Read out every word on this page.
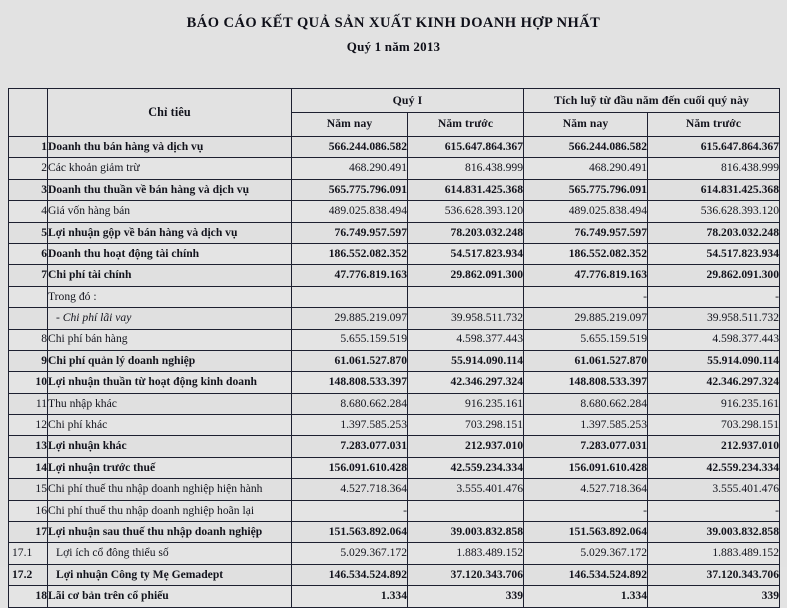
BÁO CÁO KẾT QUẢ SẢN XUẤT KINH DOANH HỢP NHẤT
Quý 1 năm 2013
	Chỉ tiêu	Quý I		Tích luỹ từ đầu năm đến cuối quý này	
		Năm nay	Năm trước	Năm nay	Năm trước
1	Doanh thu bán hàng và dịch vụ	566.244.086.582	615.647.864.367	566.244.086.582	615.647.864.367
2	Các khoản giảm trừ	468.290.491	816.438.999	468.290.491	816.438.999
3	Doanh thu thuần về bán hàng và dịch vụ	565.775.796.091	614.831.425.368	565.775.796.091	614.831.425.368
4	Giá vốn hàng bán	489.025.838.494	536.628.393.120	489.025.838.494	536.628.393.120
5	Lợi nhuận gộp về bán hàng và dịch vụ	76.749.957.597	78.203.032.248	76.749.957.597	78.203.032.248
6	Doanh thu hoạt động tài chính	186.552.082.352	54.517.823.934	186.552.082.352	54.517.823.934
7	Chi phí tài chính	47.776.819.163	29.862.091.300	47.776.819.163	29.862.091.300
	Trong đó :			-	-
	- Chi phí lãi vay	29.885.219.097	39.958.511.732	29.885.219.097	39.958.511.732
8	Chi phí bán hàng	5.655.159.519	4.598.377.443	5.655.159.519	4.598.377.443
9	Chi phí quản lý doanh nghiệp	61.061.527.870	55.914.090.114	61.061.527.870	55.914.090.114
10	Lợi nhuận thuần từ hoạt động kinh doanh	148.808.533.397	42.346.297.324	148.808.533.397	42.346.297.324
11	Thu nhập khác	8.680.662.284	916.235.161	8.680.662.284	916.235.161
12	Chi phí khác	1.397.585.253	703.298.151	1.397.585.253	703.298.151
13	Lợi nhuận khác	7.283.077.031	212.937.010	7.283.077.031	212.937.010
14	Lợi nhuận trước thuế	156.091.610.428	42.559.234.334	156.091.610.428	42.559.234.334
15	Chi phí thuế thu nhập doanh nghiệp hiện hành	4.527.718.364	3.555.401.476	4.527.718.364	3.555.401.476
16	Chi phí thuế thu nhập doanh nghiệp hoãn lại	-		-	-
17	Lợi nhuận sau thuế thu nhập doanh nghiệp	151.563.892.064	39.003.832.858	151.563.892.064	39.003.832.858
17.1	Lợi ích cổ đông thiểu số	5.029.367.172	1.883.489.152	5.029.367.172	1.883.489.152
17.2	Lợi nhuận Công ty Mẹ Gemadept	146.534.524.892	37.120.343.706	146.534.524.892	37.120.343.706
18	Lãi cơ bản trên cổ phiếu	1.334	339	1.334	339
